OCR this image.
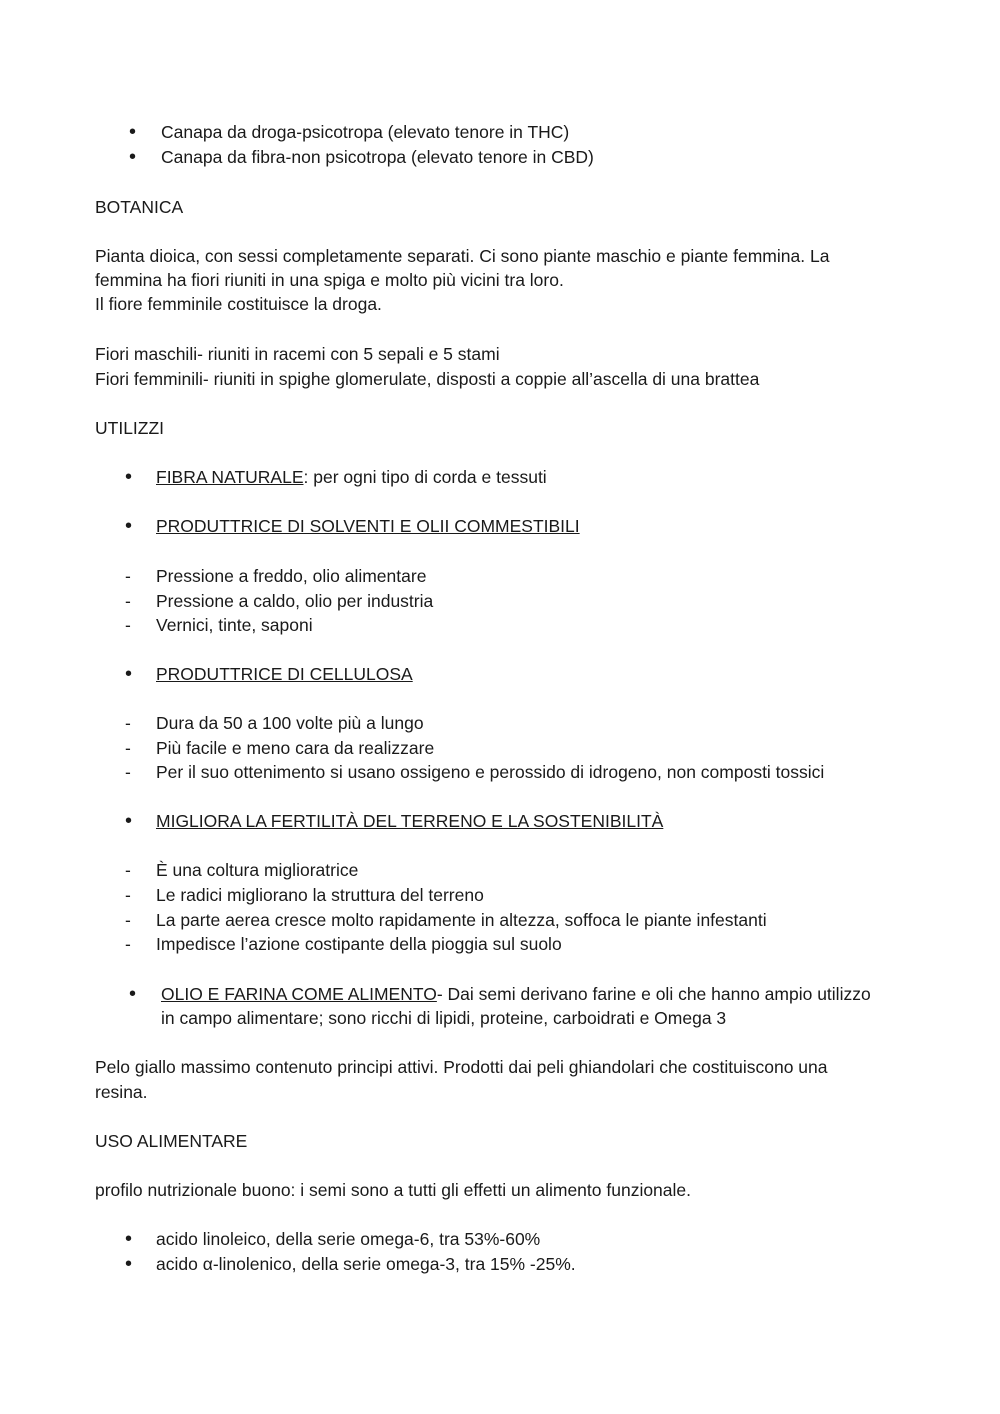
• Canapa da droga-psicotropa (elevato tenore in THC)
• Canapa da fibra-non psicotropa (elevato tenore in CBD)
BOTANICA
Pianta dioica, con sessi completamente separati. Ci sono piante maschio e piante femmina. La
femmina ha fiori riuniti in una spiga e molto più vicini tra loro.
Il fiore femminile costituisce la droga.
Fiori maschili- riuniti in racemi con 5 sepali e 5 stami
Fiori femminili- riuniti in spighe glomerulate, disposti a coppie all’ascella di una brattea
UTILIZZI
• FIBRA NATURALE: per ogni tipo di corda e tessuti
• PRODUTTRICE DI SOLVENTI E OLII COMMESTIBILI
- Pressione a freddo, olio alimentare
- Pressione a caldo, olio per industria
- Vernici, tinte, saponi
• PRODUTTRICE DI CELLULOSA
- Dura da 50 a 100 volte più a lungo
- Più facile e meno cara da realizzare
- Per il suo ottenimento si usano ossigeno e perossido di idrogeno, non composti tossici
• MIGLIORA LA FERTILITÀ DEL TERRENO E LA SOSTENIBILITÀ
- È una coltura miglioratrice
- Le radici migliorano la struttura del terreno
- La parte aerea cresce molto rapidamente in altezza, soffoca le piante infestanti
- Impedisce l’azione costipante della pioggia sul suolo
• OLIO E FARINA COME ALIMENTO- Dai semi derivano farine e oli che hanno ampio utilizzo
in campo alimentare; sono ricchi di lipidi, proteine, carboidrati e Omega 3
Pelo giallo massimo contenuto principi attivi. Prodotti dai peli ghiandolari che costituiscono una
resina.
USO ALIMENTARE
profilo nutrizionale buono: i semi sono a tutti gli effetti un alimento funzionale.
• acido linoleico, della serie omega-6, tra 53%-60%
• acido α-linolenico, della serie omega-3, tra 15% -25%.
